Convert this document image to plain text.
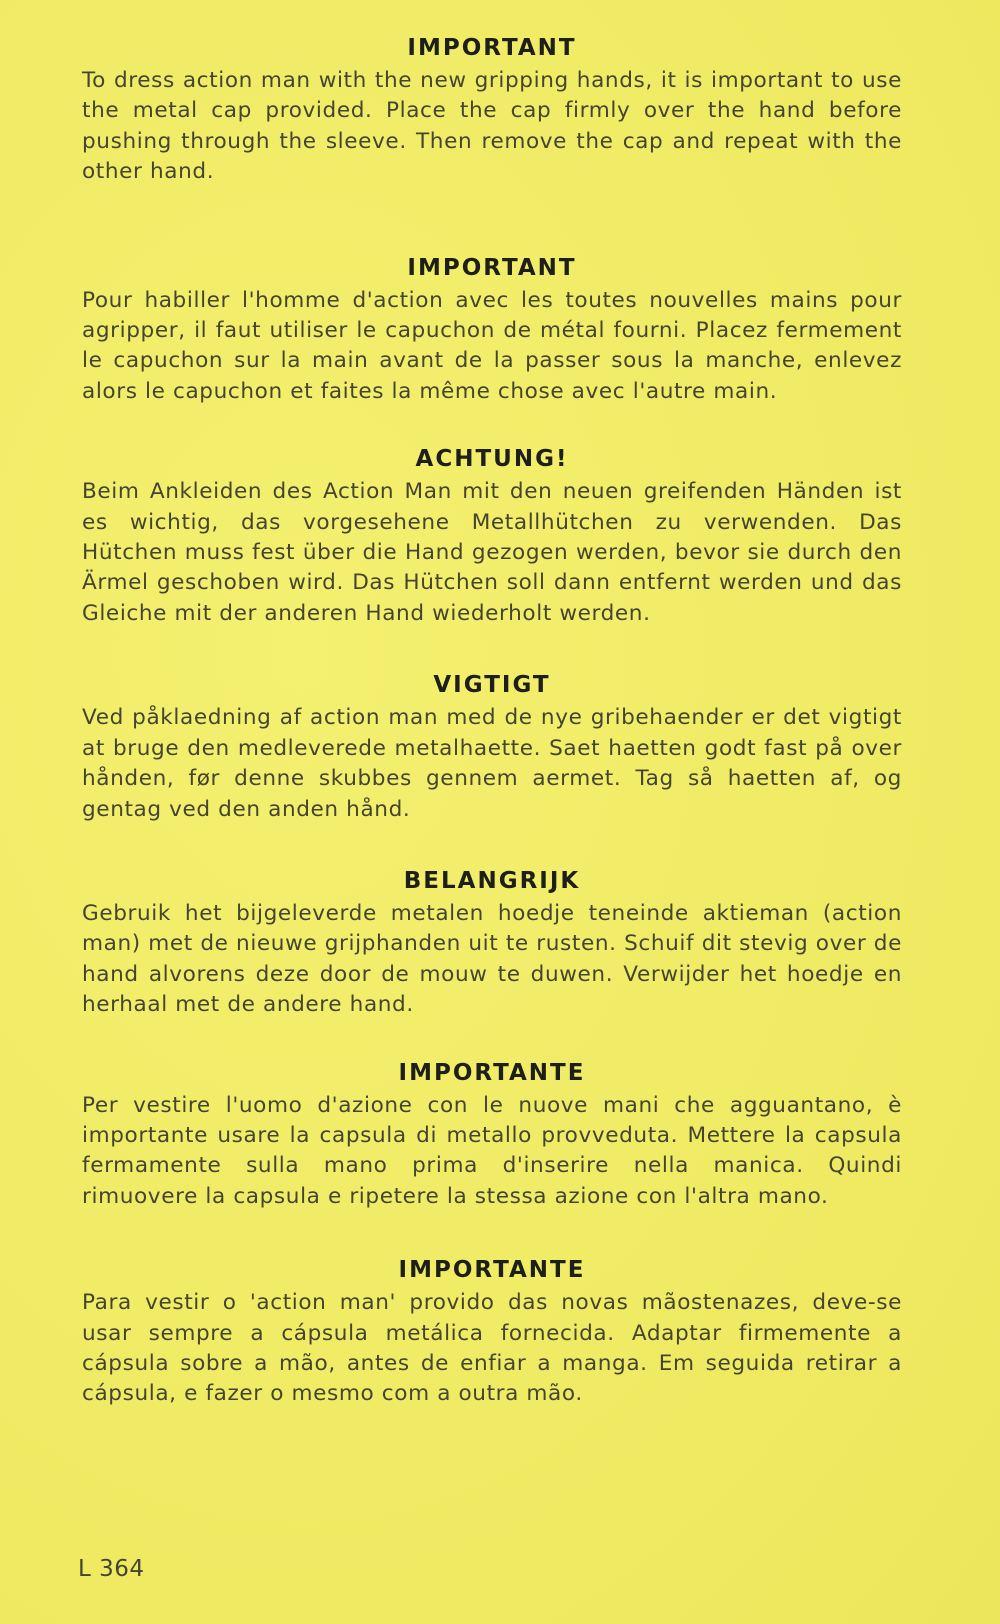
IMPORTANT

To dress action man with the new gripping hands, it is important to use the metal cap provided. Place the cap firmly over the hand before pushing through the sleeve. Then remove the cap and repeat with the other hand.

IMPORTANT

Pour habiller l'homme d'action avec les toutes nouvelles mains pour agripper, il faut utiliser le capuchon de métal fourni. Placez fermement le capuchon sur la main avant de la passer sous la manche, enlevez alors le capuchon et faites la même chose avec l'autre main.

ACHTUNG!

Beim Ankleiden des Action Man mit den neuen greifenden Händen ist es wichtig, das vorgesehene Metallhütchen zu verwenden. Das Hütchen muss fest über die Hand gezogen werden, bevor sie durch den Ärmel geschoben wird. Das Hütchen soll dann entfernt werden und das Gleiche mit der anderen Hand wiederholt werden.

VIGTIGT

Ved påklaedning af action man med de nye gribehaender er det vigtigt at bruge den medleverede metalhaette. Saet haetten godt fast på over hånden, før denne skubbes gennem aermet. Tag så haetten af, og gentag ved den anden hånd.

BELANGRIJK

Gebruik het bijgeleverde metalen hoedje teneinde aktieman (action man) met de nieuwe grijphanden uit te rusten. Schuif dit stevig over de hand alvorens deze door de mouw te duwen. Verwijder het hoedje en herhaal met de andere hand.

IMPORTANTE

Per vestire l'uomo d'azione con le nuove mani che agguantano, è importante usare la capsula di metallo provveduta. Mettere la capsula fermamente sulla mano prima d'inserire nella manica. Quindi rimuovere la capsula e ripetere la stessa azione con l'altra mano.

IMPORTANTE

Para vestir o 'action man' provido das novas mãostenazes, deve-se usar sempre a cápsula metálica fornecida. Adaptar firmemente a cápsula sobre a mão, antes de enfiar a manga. Em seguida retirar a cápsula, e fazer o mesmo com a outra mão.

L 364
